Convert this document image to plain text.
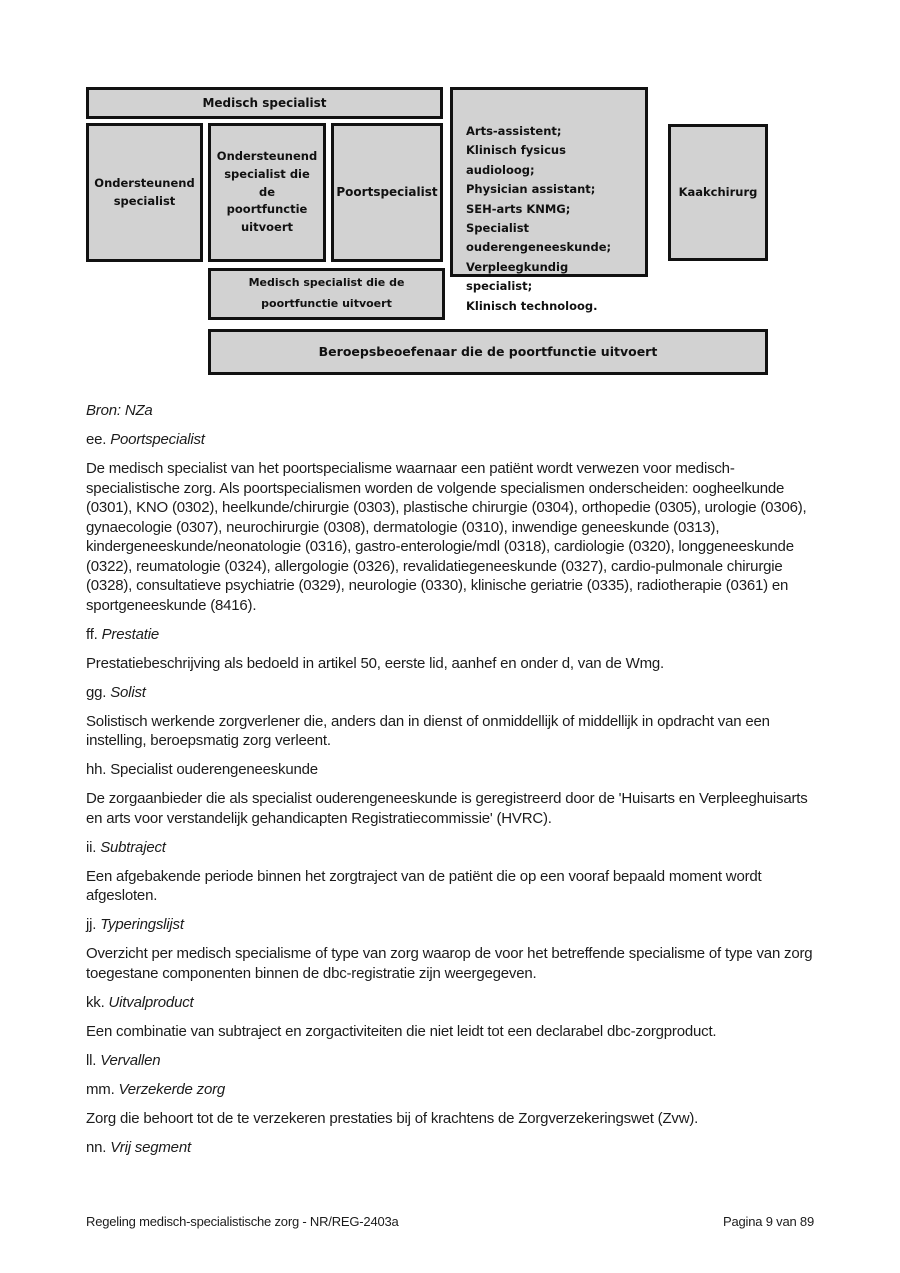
Medisch specialist
Ondersteunend specialist
Ondersteunend specialist die de poortfunctie uitvoert
Poortspecialist
Arts-assistent;
Klinisch fysicus audioloog;
Physician assistant;
SEH-arts KNMG;
Specialist ouderengeneeskunde;
Verpleegkundig specialist;
Klinisch technoloog.
Kaakchirurg
Medisch specialist die de poortfunctie uitvoert
Beroepsbeoefenaar die de poortfunctie uitvoert

Bron: NZa

ee. Poortspecialist

De medisch specialist van het poortspecialisme waarnaar een patiënt wordt verwezen voor medisch-specialistische zorg. Als poortspecialismen worden de volgende specialismen onderscheiden: oogheelkunde (0301), KNO (0302), heelkunde/chirurgie (0303), plastische chirurgie (0304), orthopedie (0305), urologie (0306), gynaecologie (0307), neurochirurgie (0308), dermatologie (0310), inwendige geneeskunde (0313), kindergeneeskunde/neonatologie (0316), gastro-enterologie/mdl (0318), cardiologie (0320), longgeneeskunde (0322), reumatologie (0324), allergologie (0326), revalidatiegeneeskunde (0327), cardio-pulmonale chirurgie (0328), consultatieve psychiatrie (0329), neurologie (0330), klinische geriatrie (0335), radiotherapie (0361) en sportgeneeskunde (8416).

ff. Prestatie

Prestatiebeschrijving als bedoeld in artikel 50, eerste lid, aanhef en onder d, van de Wmg.

gg. Solist

Solistisch werkende zorgverlener die, anders dan in dienst of onmiddellijk of middellijk in opdracht van een instelling, beroepsmatig zorg verleent.

hh. Specialist ouderengeneeskunde

De zorgaanbieder die als specialist ouderengeneeskunde is geregistreerd door de 'Huisarts en Verpleeghuisarts en arts voor verstandelijk gehandicapten Registratiecommissie' (HVRC).

ii. Subtraject

Een afgebakende periode binnen het zorgtraject van de patiënt die op een vooraf bepaald moment wordt afgesloten.

jj. Typeringslijst

Overzicht per medisch specialisme of type van zorg waarop de voor het betreffende specialisme of type van zorg toegestane componenten binnen de dbc-registratie zijn weergegeven.

kk. Uitvalproduct

Een combinatie van subtraject en zorgactiviteiten die niet leidt tot een declarabel dbc-zorgproduct.

ll. Vervallen

mm. Verzekerde zorg

Zorg die behoort tot de te verzekeren prestaties bij of krachtens de Zorgverzekeringswet (Zvw).

nn. Vrij segment

Regeling medisch-specialistische zorg - NR/REG-2403a	Pagina 9 van 89
